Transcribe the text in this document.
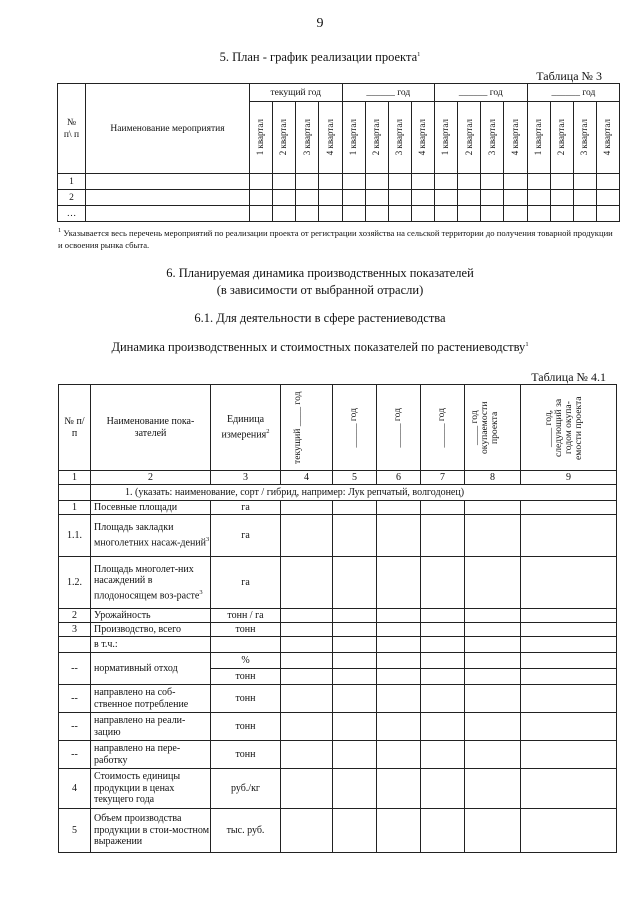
9
5. План - график реализации проекта$^1$
Таблица № 3
№ п\ п	Наименование мероприятия	текущий год				______ год				______ год				______ год			

		1 квартал	2 квартал	3 квартал	4 квартал	1 квартал	2 квартал	3 квартал	4 квартал	1 квартал	2 квартал	3 квартал	4 квартал	1 квартал	2 квартал	3 квартал	4 квартал

1																	
2																	
…																	
$^1$ Указывается весь перечень мероприятий по реализации проекта от регистрации хозяйства на сельской территории до получения товарной продукции и освоения рынка сбыта.
6. Планируемая динамика производственных показателей
(в зависимости от выбранной отрасли)
6.1. Для деятельности в сфере растениеводства
Динамика производственных и стоимостных показателей по растениеводству$^1$
Таблица № 4.1
№ п/п	Наименование пока-зателей	Единица измерения$^2$	текущий ____ год	_____ год	_____ год	_____ год	____ год окупаемости проекта	____ год, следующий за годом окупа-емости проекта

1	2	3	4	5	6	7	8	9
	1. (указать: наименование, сорт / гибрид, например: Лук репчатый, волгодонец)							
1	Посевные площади	га						
1.1.	Площадь закладки многолетних насаж-дений$^3$	га						
1.2.	Площадь многолет-них насаждений в плодоносящем воз-расте$^3$	га						
2	Урожайность	тонн / га						
3	Производство, всего	тонн						
	в т.ч.:							
--	нормативный отход	%						
		тонн						
--	направлено на соб-ственное потребление	тонн						
--	направлено на реали-зацию	тонн						
--	направлено на пере-работку	тонн						
4	Стоимость единицы продукции в ценах текущего года	руб./кг						
5	Объем производства продукции в стои-мостном выражении	тыс. руб.						
